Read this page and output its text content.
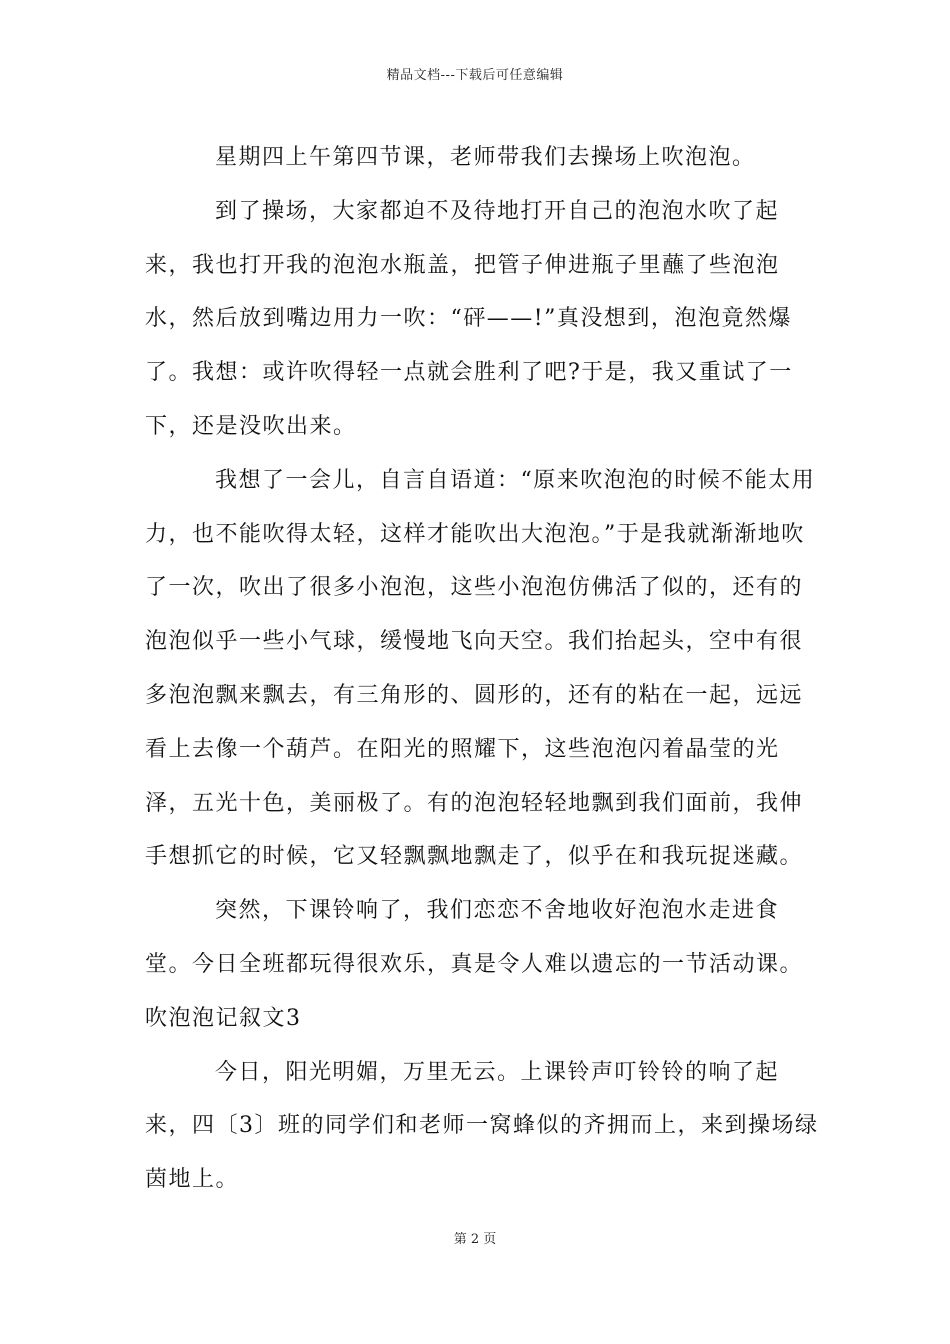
精品文档---下载后可任意编辑

星期四上午第四节课，老师带我们去操场上吹泡泡。

到了操场，大家都迫不及待地打开自己的泡泡水吹了起来，我也打开我的泡泡水瓶盖，把管子伸进瓶子里蘸了些泡泡水，然后放到嘴边用力一吹：“砰——!”真没想到，泡泡竟然爆了。我想：或许吹得轻一点就会胜利了吧?于是，我又重试了一下，还是没吹出来。

我想了一会儿，自言自语道：“原来吹泡泡的时候不能太用力，也不能吹得太轻，这样才能吹出大泡泡。”于是我就渐渐地吹了一次，吹出了很多小泡泡，这些小泡泡仿佛活了似的，还有的泡泡似乎一些小气球，缓慢地飞向天空。我们抬起头，空中有很多泡泡飘来飘去，有三角形的、圆形的，还有的粘在一起，远远看上去像一个葫芦。在阳光的照耀下，这些泡泡闪着晶莹的光泽，五光十色，美丽极了。有的泡泡轻轻地飘到我们面前，我伸手想抓它的时候，它又轻飘飘地飘走了，似乎在和我玩捉迷藏。

突然，下课铃响了，我们恋恋不舍地收好泡泡水走进食堂。今日全班都玩得很欢乐，真是令人难以遗忘的一节活动课。

吹泡泡记叙文3

今日，阳光明媚，万里无云。上课铃声叮铃铃的响了起来，四〔3〕班的同学们和老师一窝蜂似的齐拥而上，来到操场绿茵地上。

第 2 页
